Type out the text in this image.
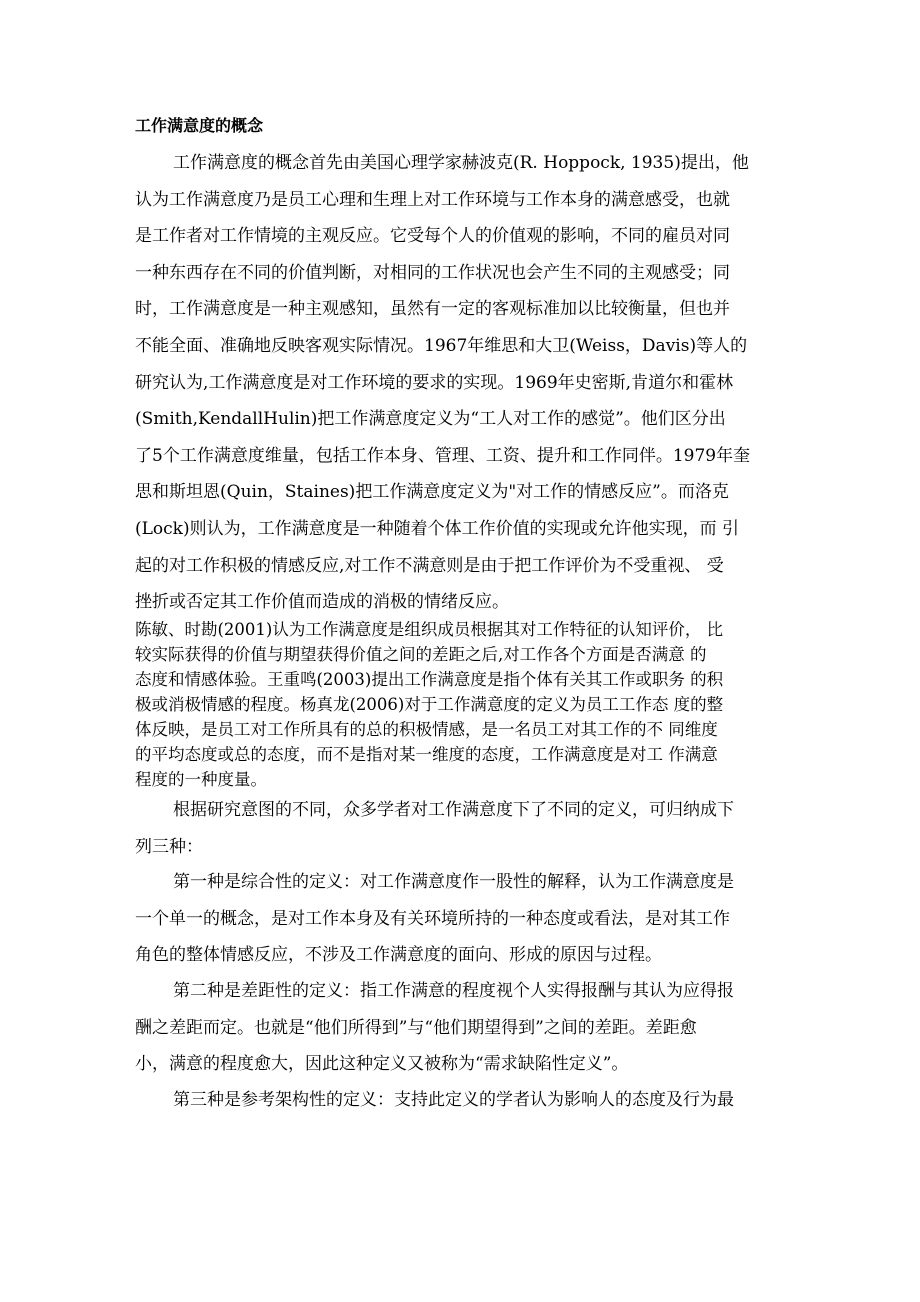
工作满意度的概念
工作满意度的概念首先由美国心理学家赫波克(R. Hoppock, 1935)提出，他
认为工作满意度乃是员工心理和生理上对工作环境与工作本身的满意感受，也就
是工作者对工作情境的主观反应。它受每个人的价值观的影响，不同的雇员对同
一种东西存在不同的价值判断，对相同的工作状况也会产生不同的主观感受；同
时，工作满意度是一种主观感知，虽然有一定的客观标准加以比较衡量，但也并
不能全面、准确地反映客观实际情况。1967年维思和大卫(Weiss，Davis)等人的
研究认为,工作满意度是对工作环境的要求的实现。1969年史密斯,肯道尔和霍林
(Smith,KendallHulin)把工作满意度定义为“工人对工作的感觉”。他们区分出
了5个工作满意度维量，包括工作本身、管理、工资、提升和工作同伴。1979年奎
思和斯坦恩(Quin，Staines)把工作满意度定义为"对工作的情感反应”。而洛克
(Lock)则认为，工作满意度是一种随着个体工作价值的实现或允许他实现，而 引
起的对工作积极的情感反应,对工作不满意则是由于把工作评价为不受重视、 受
挫折或否定其工作价值而造成的消极的情绪反应。
陈敏、时勘(2001)认为工作满意度是组织成员根据其对工作特征的认知评价， 比
较实际获得的价值与期望获得价值之间的差距之后,对工作各个方面是否满意 的
态度和情感体验。王重鸣(2003)提出工作满意度是指个体有关其工作或职务 的积
极或消极情感的程度。杨真龙(2006)对于工作满意度的定义为员工工作态 度的整
体反映，是员工对工作所具有的总的积极情感，是一名员工对其工作的不 同维度
的平均态度或总的态度，而不是指对某一维度的态度，工作满意度是对工 作满意
程度的一种度量。
根据研究意图的不同，众多学者对工作满意度下了不同的定义，可归纳成下
列三种：
第一种是综合性的定义：对工作满意度作一股性的解释，认为工作满意度是
一个单一的概念，是对工作本身及有关环境所持的一种态度或看法，是对其工作
角色的整体情感反应，不涉及工作满意度的面向、形成的原因与过程。
第二种是差距性的定义：指工作满意的程度视个人实得报酬与其认为应得报
酬之差距而定。也就是“他们所得到”与“他们期望得到”之间的差距。差距愈
小，满意的程度愈大，因此这种定义又被称为“需求缺陷性定义”。
第三种是参考架构性的定义：支持此定义的学者认为影响人的态度及行为最
